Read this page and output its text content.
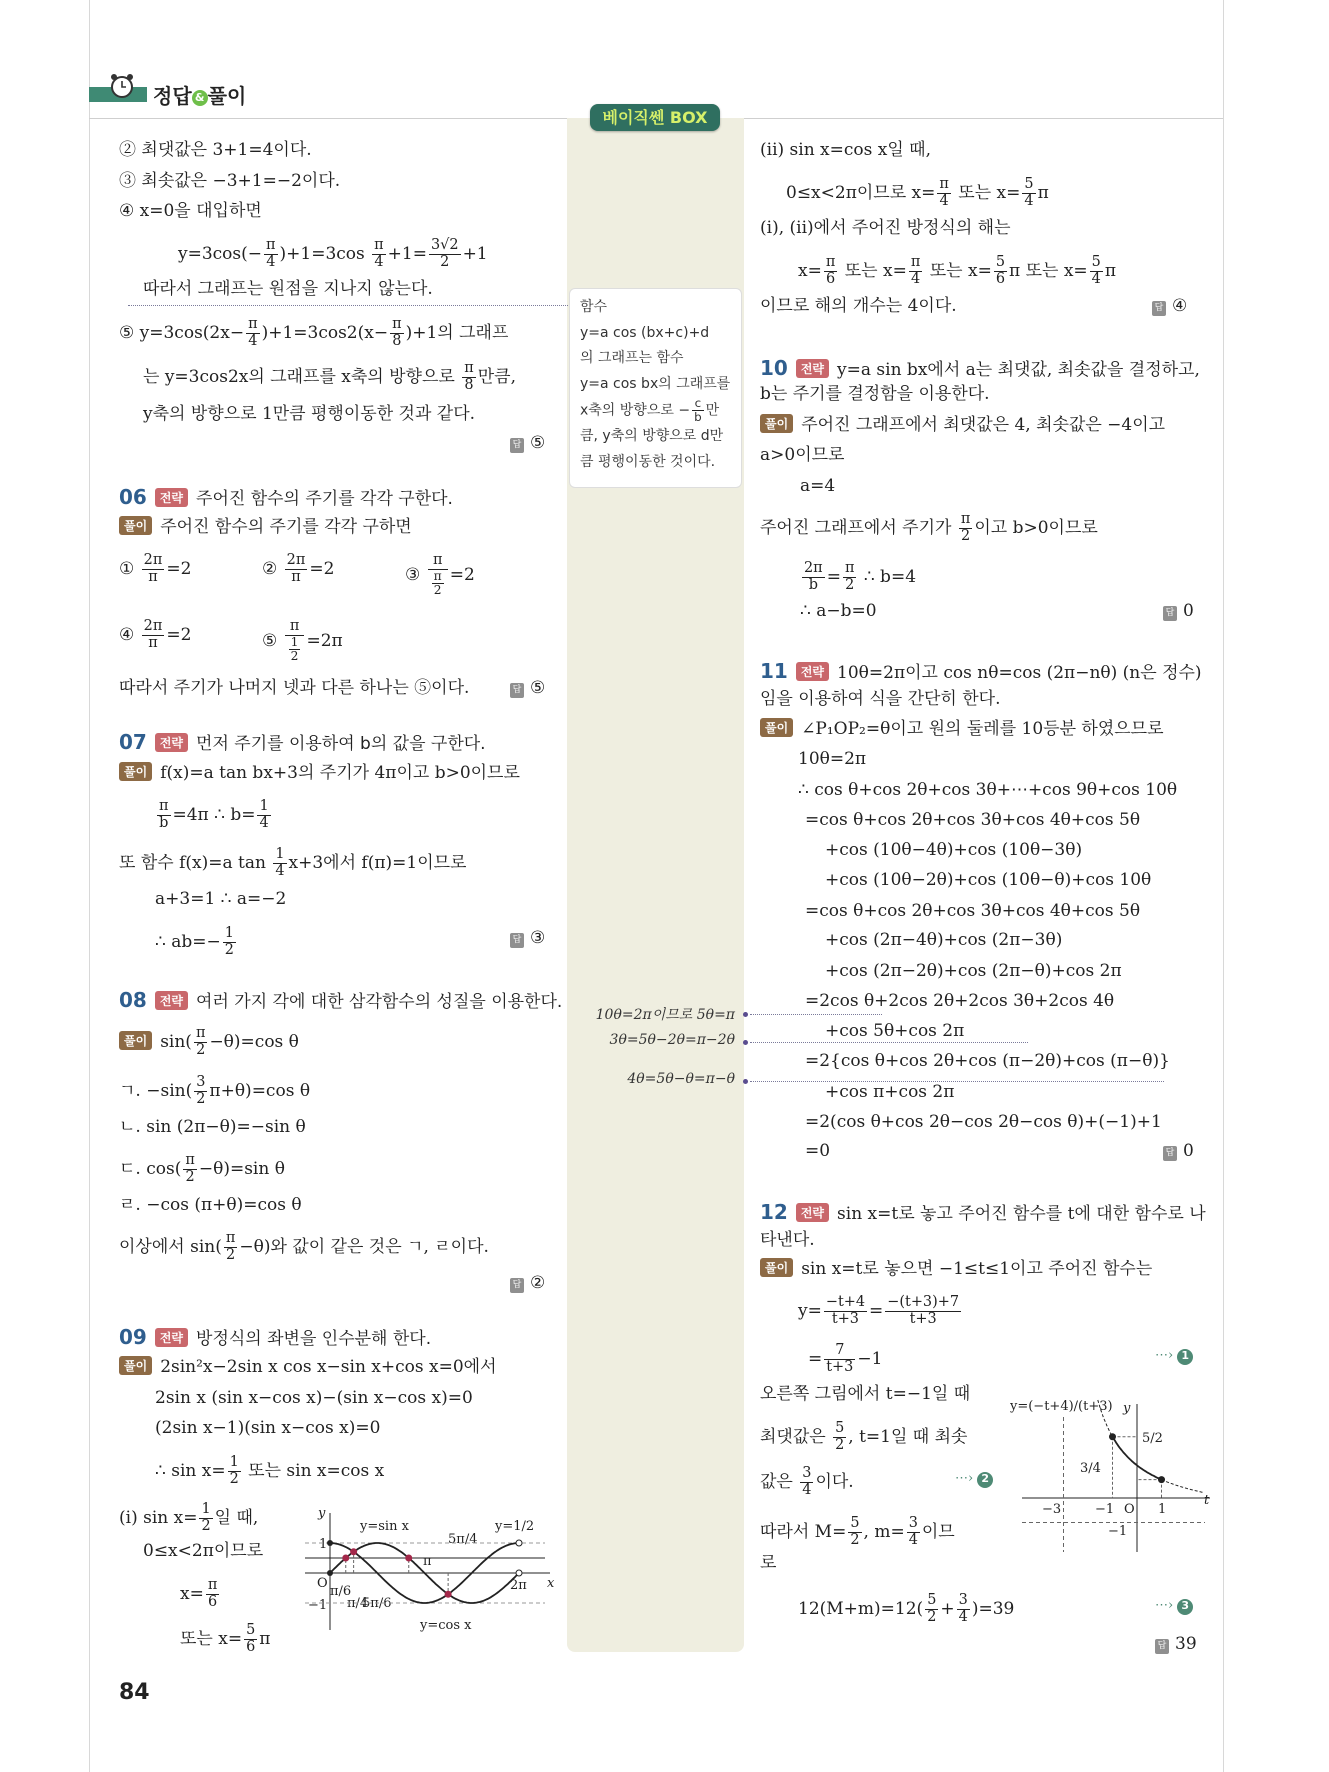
정답 & 풀이
베이직쎈 BOX
함수
y=a cos (bx+c)+d
의 그래프는 함수
y=a cos bx의 그래프를
x축의 방향으로 − $\frac{c}{b}$ 만
큼, y축의 방향으로 d만
큼 평행이동한 것이다.
② 최댓값은 3+1=4이다.
③ 최솟값은 −3+1=−2이다.
④ x=0을 대입하면
$y=3\cos(- \frac{\pi}{4} )+1=3\cos \frac{\pi}{4} +1= \frac{3√2}{2} +1$
따라서 그래프는 원점을 지나지 않는다.
⑤ $y=3\cos(2x- \frac{\pi}{4} )+1=3\cos 2(x- \frac{\pi}{8} )+1$의 그래프
는 y=3cos2x의 그래프를 x축의 방향으로 $\frac{\pi}{8}$ 만큼,
y축의 방향으로 1만큼 평행이동한 것과 같다.
답 ⑤
06 전략 주어진 함수의 주기를 각각 구한다.
풀이 주어진 함수의 주기를 각각 구하면
① $\frac{2\pi}{\pi} =2$	② $\frac{2\pi}{\pi} =2$	③ $\frac{\pi}{\frac{\pi}{2}} =2$
④ $\frac{2\pi}{\pi} =2$	⑤ $\frac{\pi}{\frac{1}{2}} =2\pi$
따라서 주기가 나머지 넷과 다른 하나는 ⑤이다.	답 ⑤
07 전략 먼저 주기를 이용하여 b의 값을 구한다.
풀이 f(x)=a tan bx+3의 주기가 4π이고 b>0이므로
$\frac{\pi}{b} =4\pi$ ∴ $b= \frac{1}{4}$
또 함수 f(x)=a $\tan \frac{1}{4} x+3$에서 f(π)=1이므로
a+3=1 ∴ a=−2
∴ $ab=- \frac{1}{2}$	답 ③
08 전략 여러 가지 각에 대한 삼각함수의 성질을 이용한다.
풀이 $\sin( \frac{\pi}{2} -\theta)=\cos$ θ
ㄱ. $-\sin( \frac{3}{2} \pi+\theta)=\cos$ θ
ㄴ. sin (2π−θ)=−sin θ
ㄷ. $\cos( \frac{\pi}{2} -\theta)=\sin$ θ
ㄹ. −cos (π+θ)=cos θ
이상에서 $\sin( \frac{\pi}{2} -\theta)$와 값이 같은 것은 ㄱ, ㄹ이다.
답 ②
09 전략 방정식의 좌변을 인수분해 한다.
풀이 2sin²x−2sin x cos x−sin x+cos x=0에서
2sin x (sin x−cos x)−(sin x−cos x)=0
(2sin x−1)(sin x−cos x)=0
∴ $\sin x= \frac{1}{2}$ 또는 sin x=cos x
(i) $\sin x= \frac{1}{2}$ 일 때,
0≤x<2π이므로
$x= \frac{\pi}{6}$
또는 $x= \frac{5}{6}$ π
y
1
−1
O	x
y=sin x
y=cos x
y=1/2
5π/4
π
π/6
π/4
5π/6
2π
84
(ii) sin x=cos x일 때,
0≤x<2π이므로 $x= \frac{\pi}{4}$ 또는 $x= \frac{5}{4}$ π
(i), (ii)에서 주어진 방정식의 해는
$x= \frac{\pi}{6}$ 또는 $x= \frac{\pi}{4}$ 또는 $x= \frac{5}{6}$ π 또는 $x= \frac{5}{4}$ π
이므로 해의 개수는 4이다.	답 ④
10 전략 y=a sin bx에서 a는 최댓값, 최솟값을 결정하고,
b는 주기를 결정함을 이용한다.
풀이 주어진 그래프에서 최댓값은 4, 최솟값은 −4이고
a>0이므로
a=4
주어진 그래프에서 주기가 $\frac{\pi}{2}$ 이고 b>0이므로
$\frac{2\pi}{b} = \frac{\pi}{2}$ ∴ b=4
∴ a−b=0	답 0
11 전략 10θ=2π이고 cos nθ=cos (2π−nθ) (n은 정수)
임을 이용하여 식을 간단히 한다.
풀이 ∠P₁OP₂=θ이고 원의 둘레를 10등분 하였으므로
10θ=2π
∴ cos θ+cos 2θ+cos 3θ+⋯+cos 9θ+cos 10θ
=cos θ+cos 2θ+cos 3θ+cos 4θ+cos 5θ
+cos (10θ−4θ)+cos (10θ−3θ)
+cos (10θ−2θ)+cos (10θ−θ)+cos 10θ
=cos θ+cos 2θ+cos 3θ+cos 4θ+cos 5θ
+cos (2π−4θ)+cos (2π−3θ)
+cos (2π−2θ)+cos (2π−θ)+cos 2π
=2cos θ+2cos 2θ+2cos 3θ+2cos 4θ
+cos 5θ+cos 2π
=2{cos θ+cos 2θ+cos (π−2θ)+cos (π−θ)}
+cos π+cos 2π
=2(cos θ+cos 2θ−cos 2θ−cos θ)+(−1)+1
=0	답 0
10θ=2π이므로 5θ=π
3θ=5θ−2θ=π−2θ
4θ=5θ−θ=π−θ
12 전략 sin x=t로 놓고 주어진 함수를 t에 대한 함수로 나
타낸다.
풀이 sin x=t로 놓으면 −1≤t≤1이고 주어진 함수는
$y= \frac{-t+4}{t+3} = \frac{-(t+3)+7}{t+3}$
= $\frac{7}{t+3} -1$	⋯› 1
오른쪽 그림에서 t=−1일 때
최댓값은 $\frac{5}{2}$ , t=1일 때 최솟
값은 $\frac{3}{4}$ 이다.	⋯› 2
따라서 $M= \frac{5}{2}$ , $m= \frac{3}{4}$ 이므
로
$12(M+m)=12( \frac{5}{2} + \frac{3}{4} )=39$	⋯› 3
답 39
y=(−t+4)/(t+3) y
t
O
5/2
3/4
−3	−1	1
−1
